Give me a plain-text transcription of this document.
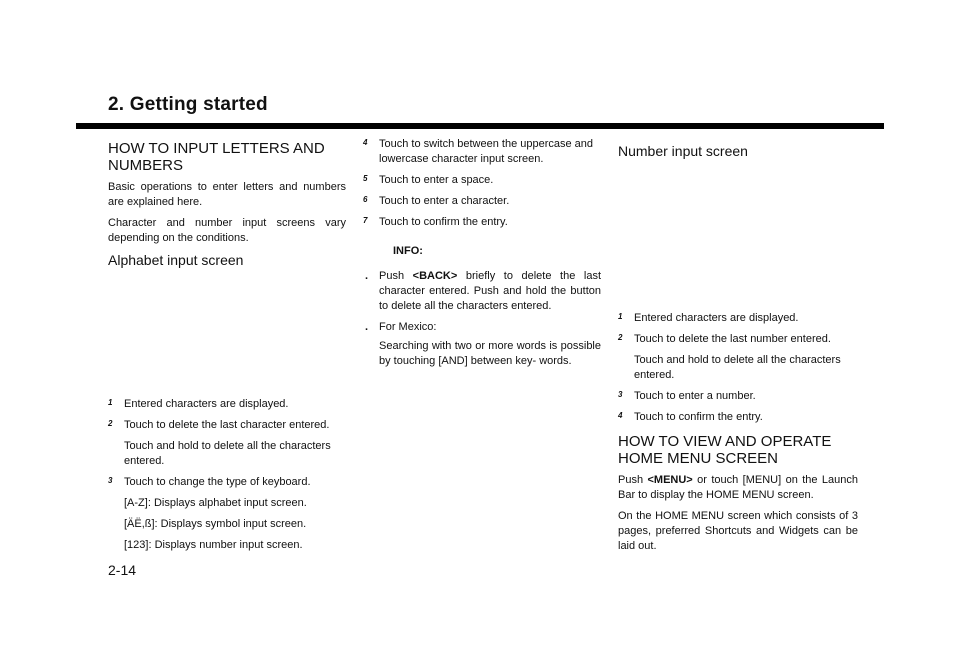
2. Getting started
HOW TO INPUT LETTERS AND NUMBERS

Basic operations to enter letters and numbers are explained here.

Character and number input screens vary depending on the conditions.

Alphabet input screen
1 Entered characters are displayed.
2 Touch to delete the last character entered.
Touch and hold to delete all the characters entered.
3 Touch to change the type of keyboard.
[A-Z]: Displays alphabet input screen.
[ÄË,ß]: Displays symbol input screen.
[123]: Displays number input screen.
4 Touch to switch between the uppercase and lowercase character input screen.
5 Touch to enter a space.
6 Touch to enter a character.
7 Touch to confirm the entry.
INFO:
. Push <BACK> briefly to delete the last character entered. Push and hold the button to delete all the characters entered.
. For Mexico:
Searching with two or more words is possible by touching [AND] between key- words.
Number input screen
1 Entered characters are displayed.
2 Touch to delete the last number entered.
Touch and hold to delete all the characters entered.
3 Touch to enter a number.
4 Touch to confirm the entry.
HOW TO VIEW AND OPERATE HOME MENU SCREEN

Push <MENU> or touch [MENU] on the Launch Bar to display the HOME MENU screen.

On the HOME MENU screen which consists of 3 pages, preferred Shortcuts and Widgets can be laid out.

2-14
